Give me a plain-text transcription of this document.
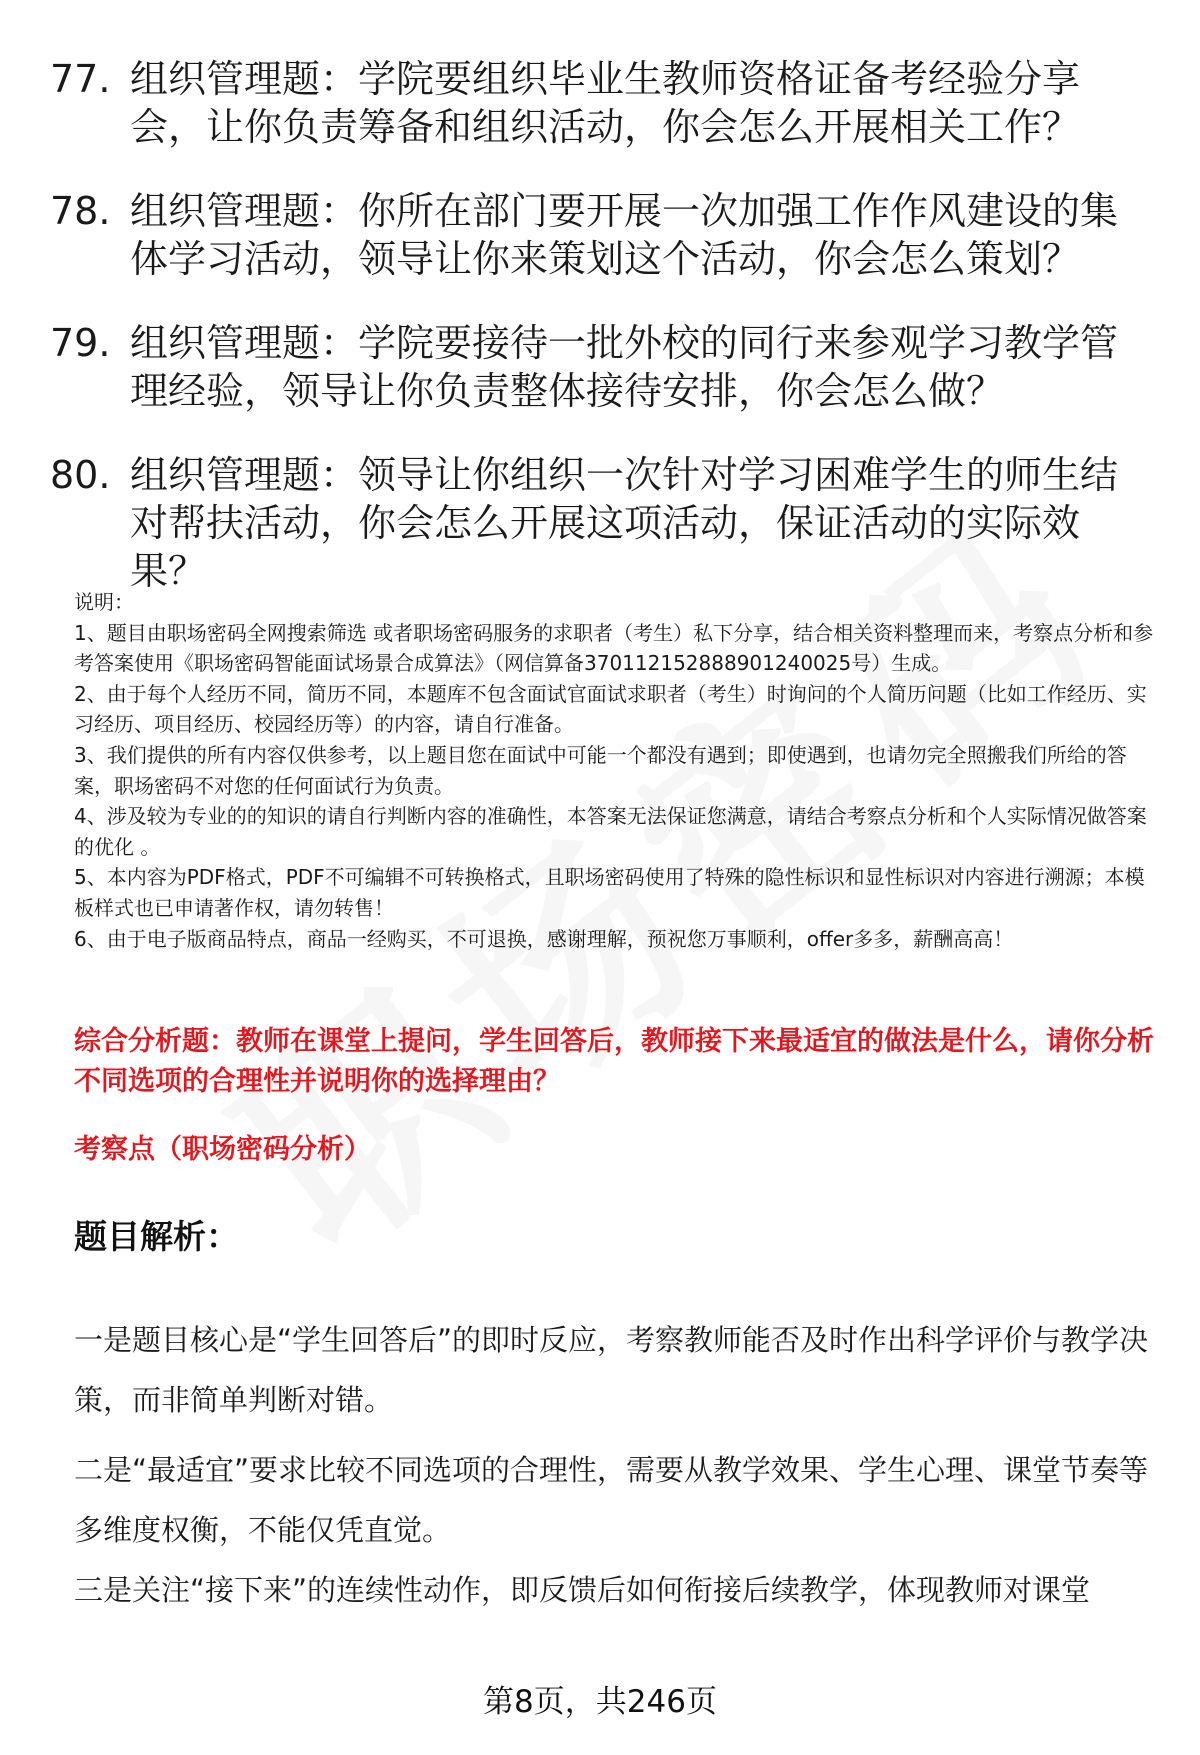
77. 组织管理题：学院要组织毕业生教师资格证备考经验分享会，让你负责筹备和组织活动，你会怎么开展相关工作？
78. 组织管理题：你所在部门要开展一次加强工作作风建设的集体学习活动，领导让你来策划这个活动，你会怎么策划？
79. 组织管理题：学院要接待一批外校的同行来参观学习教学管理经验，领导让你负责整体接待安排，你会怎么做？
80. 组织管理题：领导让你组织一次针对学习困难学生的师生结对帮扶活动，你会怎么开展这项活动，保证活动的实际效果？

说明：

1、题目由职场密码全网搜索筛选 或者职场密码服务的求职者（考生）私下分享，结合相关资料整理而来，考察点分析和参考答案使用《职场密码智能面试场景合成算法》（网信算备370112152888901240025号）生成。

2、由于每个人经历不同，简历不同，本题库不包含面试官面试求职者（考生）时询问的个人简历问题（比如工作经历、实习经历、项目经历、校园经历等）的内容，请自行准备。

3、我们提供的所有内容仅供参考，以上题目您在面试中可能一个都没有遇到；即使遇到，也请勿完全照搬我们所给的答案，职场密码不对您的任何面试行为负责。

4、涉及较为专业的的知识的请自行判断内容的准确性，本答案无法保证您满意，请结合考察点分析和个人实际情况做答案的优化 。

5、本内容为PDF格式，PDF不可编辑不可转换格式，且职场密码使用了特殊的隐性标识和显性标识对内容进行溯源；本模板样式也已申请著作权，请勿转售！

6、由于电子版商品特点，商品一经购买，不可退换，感谢理解，预祝您万事顺利，offer多多，薪酬高高！

综合分析题：教师在课堂上提问，学生回答后，教师接下来最适宜的做法是什么，请你分析不同选项的合理性并说明你的选择理由？
考察点（职场密码分析）
题目解析：

一是题目核心是“学生回答后”的即时反应，考察教师能否及时作出科学评价与教学决策，而非简单判断对错。

二是“最适宜”要求比较不同选项的合理性，需要从教学效果、学生心理、课堂节奏等多维度权衡，不能仅凭直觉。

三是关注“接下来”的连续性动作，即反馈后如何衔接后续教学，体现教师对课堂

第8页，共246页
